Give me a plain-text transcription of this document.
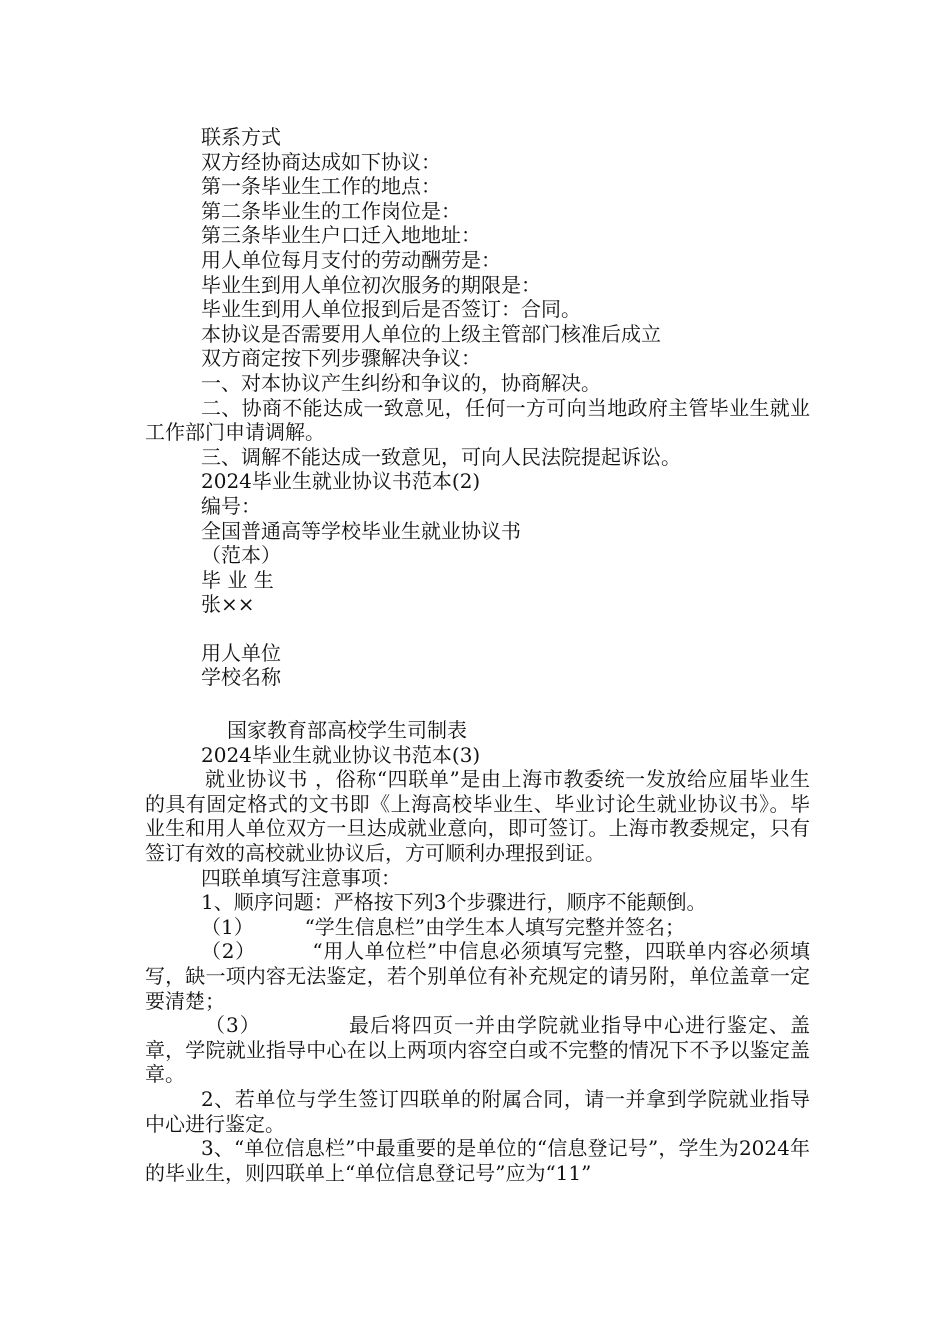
联系方式

双方经协商达成如下协议：

第一条毕业生工作的地点：

第二条毕业生的工作岗位是：

第三条毕业生户口迁入地地址：

用人单位每月支付的劳动酬劳是：

毕业生到用人单位初次服务的期限是：

毕业生到用人单位报到后是否签订：合同。

本协议是否需要用人单位的上级主管部门核准后成立

双方商定按下列步骤解决争议：

一、对本协议产生纠纷和争议的，协商解决。

二、协商不能达成一致意见，任何一方可向当地政府主管毕业生就业工作部门申请调解。

三、调解不能达成一致意见，可向人民法院提起诉讼。

2024毕业生就业协议书范本(2)

编号：

全国普通高等学校毕业生就业协议书

（范本）

毕 业 生

张××

用人单位

学校名称

国家教育部高校学生司制表

2024毕业生就业协议书范本(3)

就业协议书 ，俗称“四联单”是由上海市教委统一发放给应届毕业生的具有固定格式的文书即《上海高校毕业生、毕业讨论生就业协议书》。毕业生和用人单位双方一旦达成就业意向，即可签订。上海市教委规定，只有签订有效的高校就业协议后，方可顺利办理报到证。

四联单填写注意事项：

1、顺序问题：严格按下列3个步骤进行，顺序不能颠倒。

（1）        “学生信息栏”由学生本人填写完整并签名；

（2）        “用人单位栏”中信息必须填写完整，四联单内容必须填写，缺一项内容无法鉴定，若个别单位有补充规定的请另附，单位盖章一定要清楚；

（3）            最后将四页一并由学院就业指导中心进行鉴定、盖章，学院就业指导中心在以上两项内容空白或不完整的情况下不予以鉴定盖章。

2、若单位与学生签订四联单的附属合同，请一并拿到学院就业指导中心进行鉴定。

3、“单位信息栏”中最重要的是单位的“信息登记号”，学生为2024年的毕业生，则四联单上“单位信息登记号”应为“11”
